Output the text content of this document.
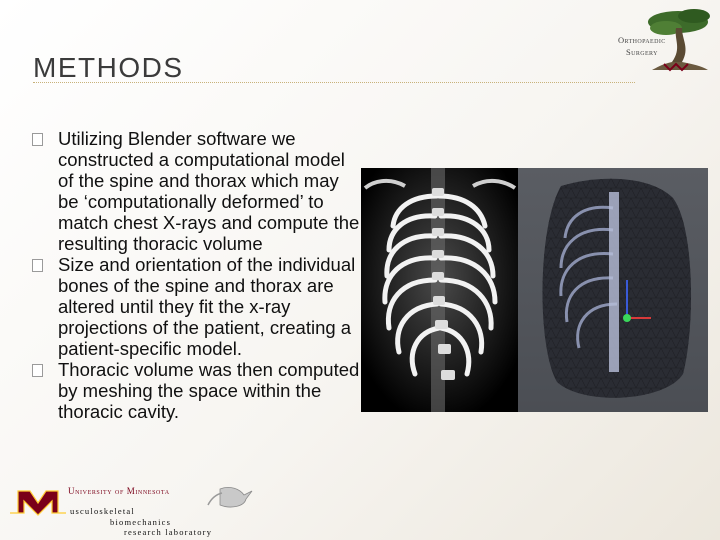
METHODS
Orthopaedic
Surgery
Utilizing Blender software we constructed a computational model of the spine and thorax which may be ‘computationally deformed’ to match chest X-rays and compute the resulting thoracic volume
Size and orientation of the individual bones of the spine and thorax are altered until they fit the x-ray projections of the patient, creating a patient-specific model.
Thoracic volume was then computed by meshing the space within the thoracic cavity.
University of Minnesota
usculoskeletal
biomechanics
research laboratory
